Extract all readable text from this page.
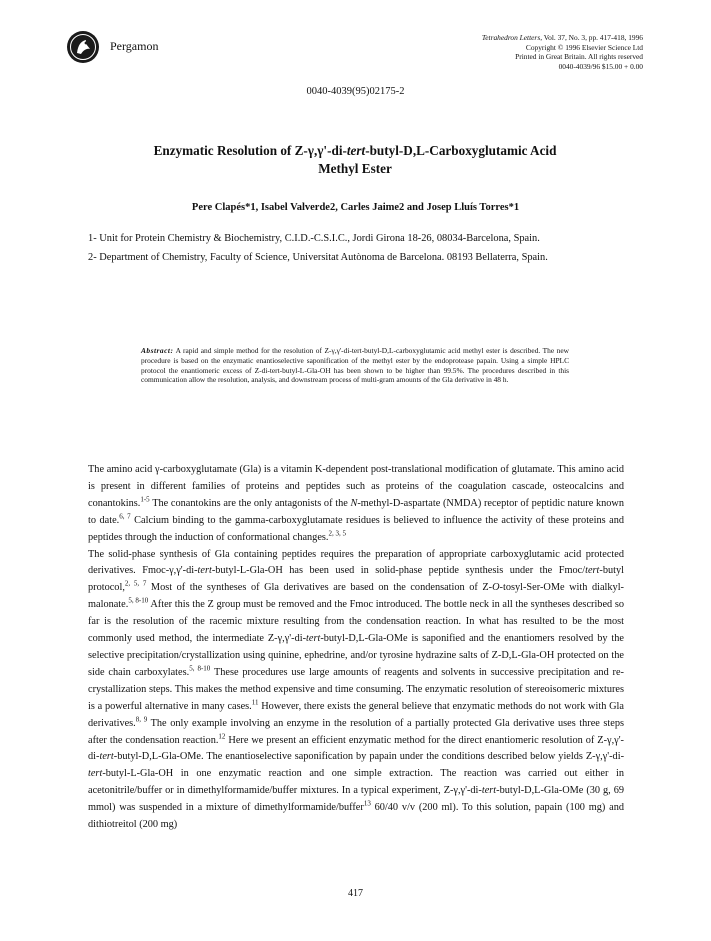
Pergamon
Tetrahedron Letters, Vol. 37, No. 3, pp. 417-418, 1996
Copyright © 1996 Elsevier Science Ltd
Printed in Great Britain. All rights reserved
0040-4039/96 $15.00 + 0.00
0040-4039(95)02175-2
Enzymatic Resolution of Z-γ,γ'-di-tert-butyl-D,L-Carboxyglutamic Acid
Methyl Ester
Pere Clapés*1, Isabel Valverde2, Carles Jaime2 and Josep Lluís Torres*1
1- Unit for Protein Chemistry & Biochemistry, C.I.D.-C.S.I.C., Jordi Girona 18-26, 08034-Barcelona, Spain.
2- Department of Chemistry, Faculty of Science, Universitat Autònoma de Barcelona. 08193 Bellaterra, Spain.
Abstract: A rapid and simple method for the resolution of Z-γ,γ'-di-tert-butyl-D,L-carboxyglutamic acid methyl ester is described. The new procedure is based on the enzymatic enantioselective saponification of the methyl ester by the endoprotease papain. Using a simple HPLC protocol the enantiomeric excess of Z-di-tert-butyl-L-Gla-OH has been shown to be higher than 99.5%. The procedures described in this communication allow the resolution, analysis, and downstream process of multi-gram amounts of the Gla derivative in 48 h.

The amino acid γ-carboxyglutamate (Gla) is a vitamin K-dependent post-translational modification of glutamate. This amino acid is present in different families of proteins and peptides such as proteins of the coagulation cascade, osteocalcins and conantokins.$^{1-5}$ The conantokins are the only antagonists of the N-methyl-D-aspartate (NMDA) receptor of peptidic nature known to date.$^{6, 7}$ Calcium binding to the gamma-carboxyglutamate residues is believed to influence the activity of these proteins and peptides through the induction of conformational changes.$^{2, 3, 5}$

The solid-phase synthesis of Gla containing peptides requires the preparation of appropriate carboxyglutamic acid protected derivatives. Fmoc-γ,γ'-di-tert-butyl-L-Gla-OH has been used in solid-phase peptide synthesis under the Fmoc/tert-butyl protocol,$^{2, 5, 7}$ Most of the syntheses of Gla derivatives are based on the condensation of Z-O-tosyl-Ser-OMe with dialkyl-malonate.$^{5, 8-10}$ After this the Z group must be removed and the Fmoc introduced. The bottle neck in all the syntheses described so far is the resolution of the racemic mixture resulting from the condensation reaction. In what has resulted to be the most commonly used method, the intermediate Z-γ,γ'-di-tert-butyl-D,L-Gla-OMe is saponified and the enantiomers resolved by the selective precipitation/crystallization using quinine, ephedrine, and/or tyrosine hydrazine salts of Z-D,L-Gla-OH protected on the side chain carboxylates.$^{5, 8-10}$ These procedures use large amounts of reagents and solvents in successive precipitation and re-crystallization steps. This makes the method expensive and time consuming. The enzymatic resolution of stereoisomeric mixtures is a powerful alternative in many cases.$^{11}$ However, there exists the general believe that enzymatic methods do not work with Gla derivatives.$^{8, 9}$ The only example involving an enzyme in the resolution of a partially protected Gla derivative uses three steps after the condensation reaction.$^{12}$ Here we present an efficient enzymatic method for the direct enantiomeric resolution of Z-γ,γ'-di-tert-butyl-D,L-Gla-OMe. The enantioselective saponification by papain under the conditions described below yields Z-γ,γ'-di-tert-butyl-L-Gla-OH in one enzymatic reaction and one simple extraction. The reaction was carried out either in acetonitrile/buffer or in dimethylformamide/buffer mixtures. In a typical experiment, Z-γ,γ'-di-tert-butyl-D,L-Gla-OMe (30 g, 69 mmol) was suspended in a mixture of dimethylformamide/buffer$^{13}$ 60/40 v/v (200 ml). To this solution, papain (100 mg) and dithiotreitol (200 mg)

417
